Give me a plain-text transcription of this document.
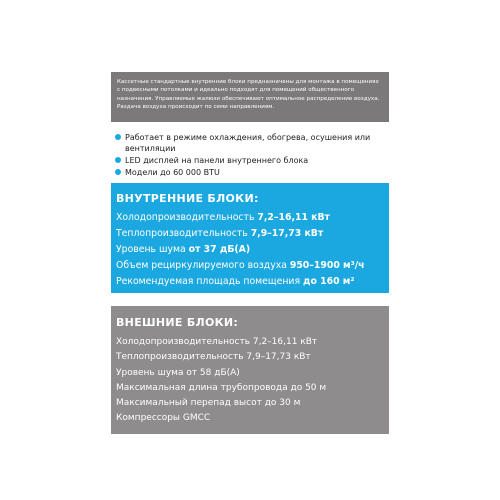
Кассетные стандартные внутренние блоки предназначены для монтажа в помещениях с подвесными потолками и идеально подходят для помещений общественного назначения. Управляемые жалюзи обеспечивают оптимальное распределение воздуха. Раздача воздуха происходит по семи направлениям.
Работает в режиме охлаждения, обогрева, осушения или вентиляции
LED дисплей на панели внутреннего блока
Модели до 60 000 BTU
ВНУТРЕННИЕ БЛОКИ:
Холодопроизводительность 7,2–16,11 кВт
Теплопроизводительность 7,9–17,73 кВт
Уровень шума от 37 дБ(А)
Объем рециркулируемого воздуха 950–1900 м³/ч
Рекомендуемая площадь помещения до 160 м²
ВНЕШНИЕ БЛОКИ:
Холодопроизводительность 7,2–16,11 кВт
Теплопроизводительность 7,9–17,73 кВт
Уровень шума от 58 дБ(А)
Максимальная длина трубопровода до 50 м
Максимальный перепад высот до 30 м
Компрессоры GMCC
